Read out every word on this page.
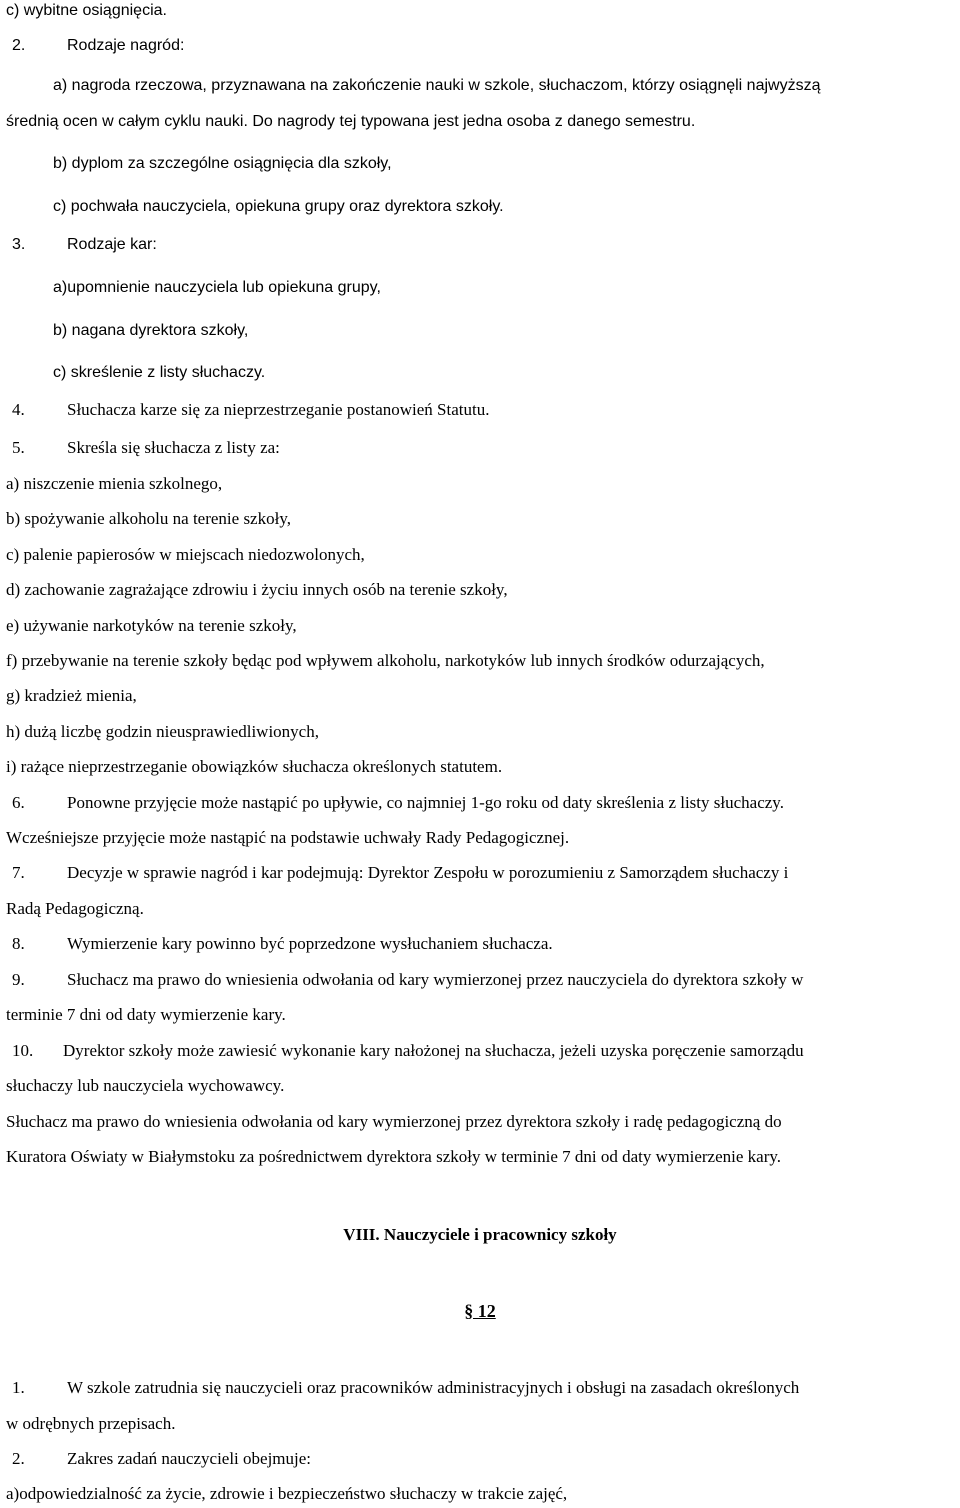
c) wybitne osiągnięcia.
2.	Rodzaje nagród:
a) nagroda rzeczowa, przyznawana na zakończenie nauki w szkole, słuchaczom, którzy osiągnęli najwyższą
średnią ocen w całym cyklu nauki. Do nagrody tej typowana jest jedna osoba z danego semestru.
b) dyplom za szczególne osiągnięcia dla szkoły,
c) pochwała nauczyciela, opiekuna grupy oraz dyrektora szkoły.
3.	Rodzaje kar:
a)upomnienie nauczyciela lub opiekuna grupy,
b) nagana dyrektora szkoły,
c) skreślenie z listy słuchaczy.
4. Słuchacza karze się za nieprzestrzeganie postanowień Statutu.
5. Skreśla się słuchacza z listy za:
a) niszczenie mienia szkolnego,
b) spożywanie alkoholu na terenie szkoły,
c) palenie papierosów w miejscach niedozwolonych,
d) zachowanie zagrażające zdrowiu i życiu innych osób na terenie szkoły,
e) używanie narkotyków na terenie szkoły,
f) przebywanie na terenie szkoły będąc pod wpływem alkoholu, narkotyków lub innych środków odurzających,
g) kradzież mienia,
h) dużą liczbę godzin nieusprawiedliwionych,
i) rażące nieprzestrzeganie obowiązków słuchacza określonych statutem.
6. Ponowne przyjęcie może nastąpić po upływie, co najmniej 1-go roku od daty skreślenia z listy słuchaczy.
Wcześniejsze przyjęcie może nastąpić na podstawie uchwały Rady Pedagogicznej.
7. Decyzje w sprawie nagród i kar podejmują: Dyrektor Zespołu w porozumieniu z Samorządem słuchaczy i
Radą Pedagogiczną.
8. Wymierzenie kary powinno być poprzedzone wysłuchaniem słuchacza.
9. Słuchacz ma prawo do wniesienia odwołania od kary wymierzonej przez nauczyciela do dyrektora szkoły w
terminie 7 dni od daty wymierzenie kary.
10. Dyrektor szkoły może zawiesić wykonanie kary nałożonej na słuchacza, jeżeli uzyska poręczenie samorządu
słuchaczy lub nauczyciela wychowawcy.
Słuchacz ma prawo do wniesienia odwołania od kary wymierzonej przez dyrektora szkoły i radę pedagogiczną do
Kuratora Oświaty w Białymstoku za pośrednictwem dyrektora szkoły w terminie 7 dni od daty wymierzenie kary.
VIII. Nauczyciele i pracownicy szkoły
§ 12
1. W szkole zatrudnia się nauczycieli oraz pracowników administracyjnych i obsługi na zasadach określonych
w odrębnych przepisach.
2. Zakres zadań nauczycieli obejmuje:
a)odpowiedzialność za życie, zdrowie i bezpieczeństwo słuchaczy w trakcie zajęć,
